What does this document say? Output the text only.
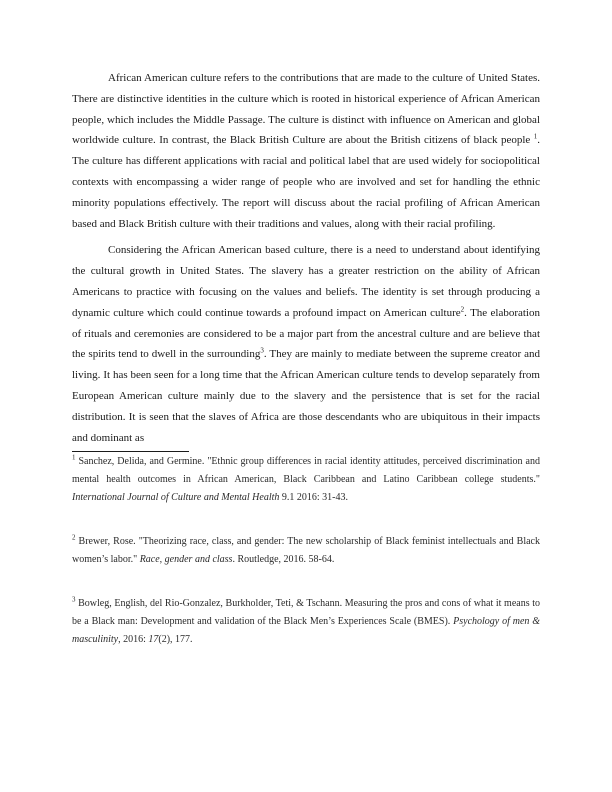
African American culture refers to the contributions that are made to the culture of United States. There are distinctive identities in the culture which is rooted in historical experience of African American people, which includes the Middle Passage. The culture is distinct with influence on American and global worldwide culture. In contrast, the Black British Culture are about the British citizens of black people $^1$. The culture has different applications with racial and political label that are used widely for sociopolitical contexts with encompassing a wider range of people who are involved and set for handling the ethnic minority populations effectively. The report will discuss about the racial profiling of African American based and Black British culture with their traditions and values, along with their racial profiling.

Considering the African American based culture, there is a need to understand about identifying the cultural growth in United States. The slavery has a greater restriction on the ability of African Americans to practice with focusing on the values and beliefs. The identity is set through producing a dynamic culture which could continue towards a profound impact on American culture$^2$. The elaboration of rituals and ceremonies are considered to be a major part from the ancestral culture and are believe that the spirits tend to dwell in the surrounding$^3$. They are mainly to mediate between the supreme creator and living. It has been seen for a long time that the African American culture tends to develop separately from European American culture mainly due to the slavery and the persistence that is set for the racial distribution. It is seen that the slaves of Africa are those descendants who are ubiquitous in their impacts and dominant as

$^1$ Sanchez, Delida, and Germine. "Ethnic group differences in racial identity attitudes, perceived discrimination and mental health outcomes in African American, Black Caribbean and Latino Caribbean college students." International Journal of Culture and Mental Health 9.1 2016: 31-43.

$^2$ Brewer, Rose. "Theorizing race, class, and gender: The new scholarship of Black feminist intellectuals and Black women’s labor." Race, gender and class. Routledge, 2016. 58-64.

$^3$ Bowleg, English, del Rio-Gonzalez, Burkholder, Teti, & Tschann. Measuring the pros and cons of what it means to be a Black man: Development and validation of the Black Men’s Experiences Scale (BMES). Psychology of men & masculinity, 2016: 17(2), 177.
